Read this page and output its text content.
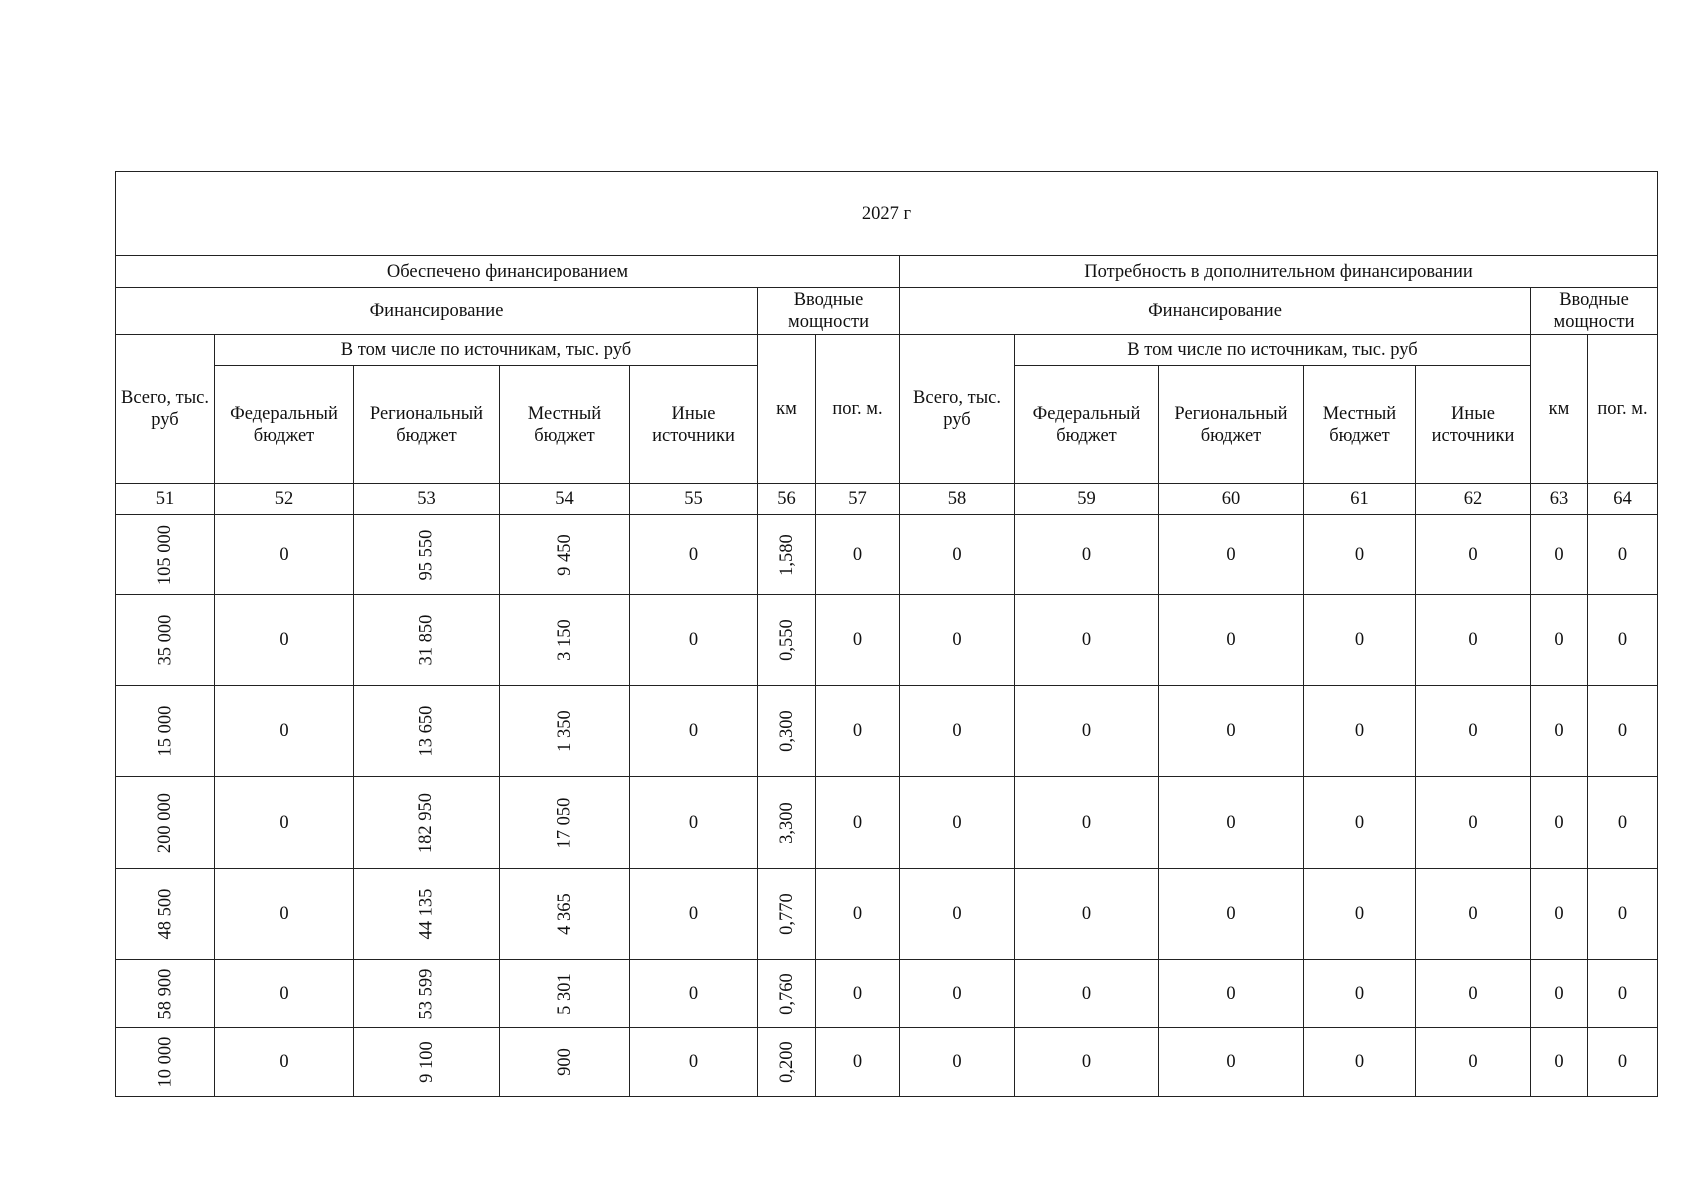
2027 г													
Обеспечено финансированием							Потребность в дополнительном финансировании						
Финансирование					Вводные мощности		Финансирование					Вводные мощности	
Всего, тыс. руб	В том числе по источникам, тыс. руб				км	пог. м.	Всего, тыс. руб	В том числе по источникам, тыс. руб				км	пог. м.
	Федеральный бюджет	Региональный бюджет	Местный бюджет	Иные источники				Федеральный бюджет	Региональный бюджет	Местный бюджет	Иные источники		
51	52	53	54	55	56	57	58	59	60	61	62	63	64
105 000	0	95 550	9 450	0	1,580	0	0	0	0	0	0	0	0
35 000	0	31 850	3 150	0	0,550	0	0	0	0	0	0	0	0
15 000	0	13 650	1 350	0	0,300	0	0	0	0	0	0	0	0
200 000	0	182 950	17 050	0	3,300	0	0	0	0	0	0	0	0
48 500	0	44 135	4 365	0	0,770	0	0	0	0	0	0	0	0
58 900	0	53 599	5 301	0	0,760	0	0	0	0	0	0	0	0
10 000	0	9 100	900	0	0,200	0	0	0	0	0	0	0	0
